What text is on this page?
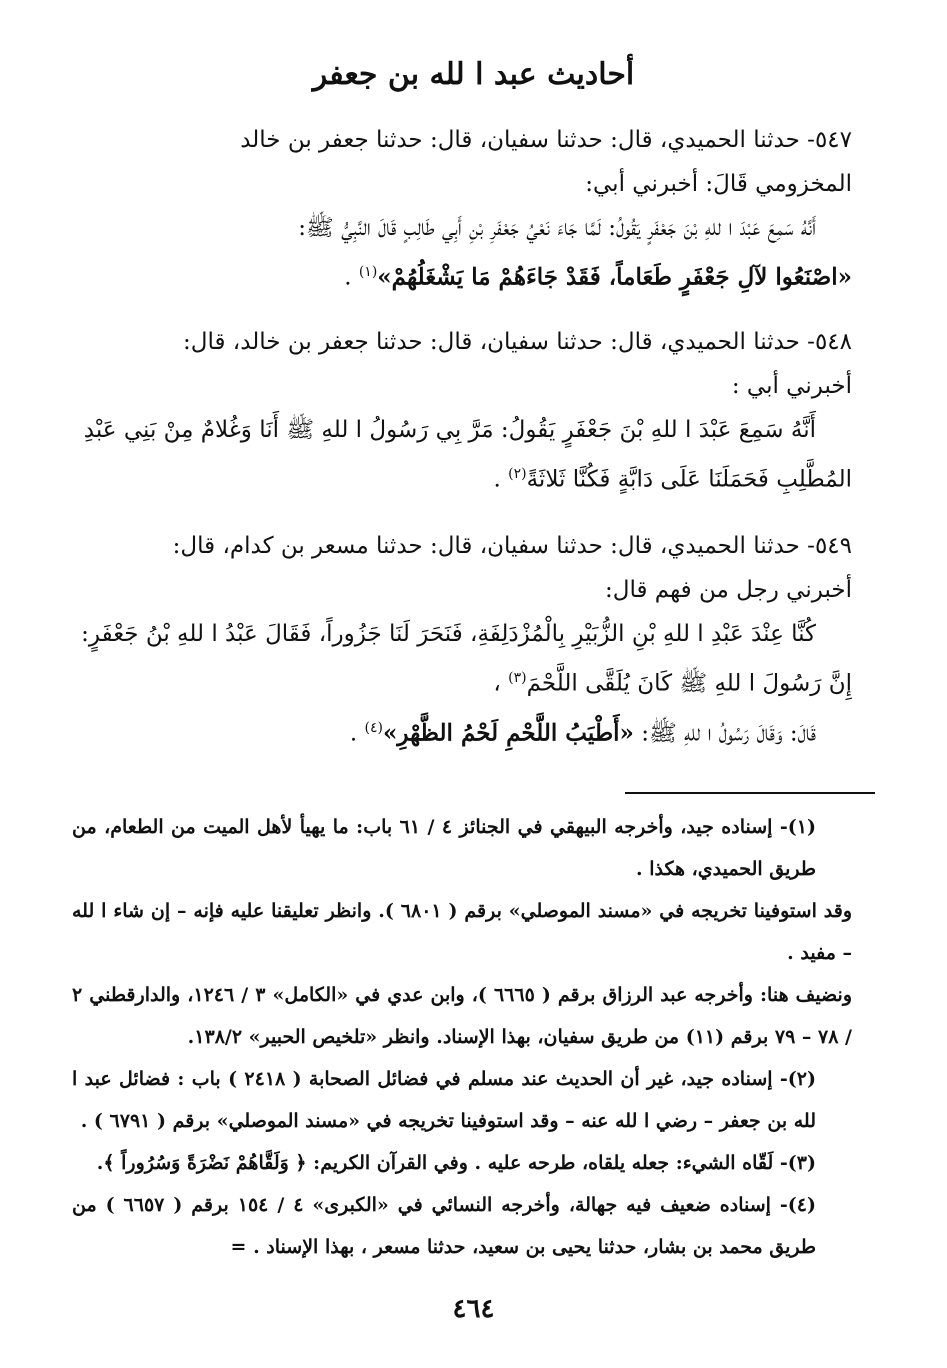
أحاديث عبد ا لله بن جعفر

٥٤٧- حدثنا الحميدي، قال: حدثنا سفيان، قال: حدثنا جعفر بن خالد

المخزومي قَالَ: أخبرني أبي:

أَنَّهُ سَمِعَ عَبْدَ ا للهِ بْنَ جَعْفَرٍ يَقُولُ: لَمَّا جَاءَ نَعْيُ جَعْفَرِ بْنِ أَبِي طَالِبٍ قَالَ النَّبِيُّ ﷺ:

«اصْنَعُوا لآلِ جَعْفَرٍ طَعَاماً، فَقَدْ جَاءَهُمْ مَا يَشْغَلُهُمْ»$^{(١)}$ .

٥٤٨- حدثنا الحميدي، قال: حدثنا سفيان، قال: حدثنا جعفر بن خالد، قال:

أخبرني أبي :

أَنَّهُ سَمِعَ عَبْدَ ا للهِ بْنَ جَعْفَرٍ يَقُولُ: مَرَّ بِي رَسُولُ ا للهِ ﷺ أَنَا وَغُلامٌ مِنْ بَنِي عَبْدِ

المُطَّلِبِ فَحَمَلَنَا عَلَى دَابَّةٍ فَكُنَّا ثَلاثَةً$^{(٢)}$ .

٥٤٩- حدثنا الحميدي، قال: حدثنا سفيان، قال: حدثنا مسعر بن كدام، قال:

أخبرني رجل من فهم قال:

كُنَّا عِنْدَ عَبْدِ ا للهِ بْنِ الزُّبَيْرِ بِالْمُزْدَلِفَةِ، فَنَحَرَ لَنَا جَزُوراً، فَقَالَ عَبْدُ ا للهِ بْنُ جَعْفَرٍ:

إِنَّ رَسُولَ ا للهِ ﷺ كَانَ يُلَقَّى اللَّحْمَ$^{(٣)}$ ،

قَالَ: وَقَالَ رَسُولُ ا للهِ ﷺ: «أَطْيَبُ اللَّحْمِ لَحْمُ الظَّهْرِ»$^{(٤)}$ .

(١)- إسناده جيد، وأخرجه البيهقي في الجنائز ٤ / ٦١ باب: ما يهيأ لأهل الميت من الطعام، من طريق الحميدي، هكذا .

وقد استوفينا تخريجه في «مسند الموصلي» برقم ( ٦٨٠١ ). وانظر تعليقنا عليه فإنه – إن شاء ا لله – مفيد .

ونضيف هنا: وأخرجه عبد الرزاق برقم ( ٦٦٦٥ )، وابن عدي في «الكامل» ٣ / ١٢٤٦، والدارقطني ٢ / ٧٨ – ٧٩ برقم (١١) من طريق سفيان، بهذا الإسناد. وانظر «تلخيص الحبير» ١٣٨/٢.

(٢)- إسناده جيد، غير أن الحديث عند مسلم في فضائل الصحابة ( ٢٤١٨ ) باب : فضائل عبد ا لله بن جعفر – رضي ا لله عنه – وقد استوفينا تخريجه في «مسند الموصلي» برقم ( ٦٧٩١ ) .

(٣)- لَقّاه الشيء: جعله يلقاه، طرحه عليه . وفي القرآن الكريم: ﴿ وَلَقَّاهُمْ نَضْرَةً وَسُرُوراً ﴾.

(٤)- إسناده ضعيف فيه جهالة، وأخرجه النسائي في «الكبرى» ٤ / ١٥٤ برقم ( ٦٦٥٧ ) من طريق محمد بن بشار، حدثنا يحيى بن سعيد، حدثنا مسعر ، بهذا الإسناد . =

٤٦٤
